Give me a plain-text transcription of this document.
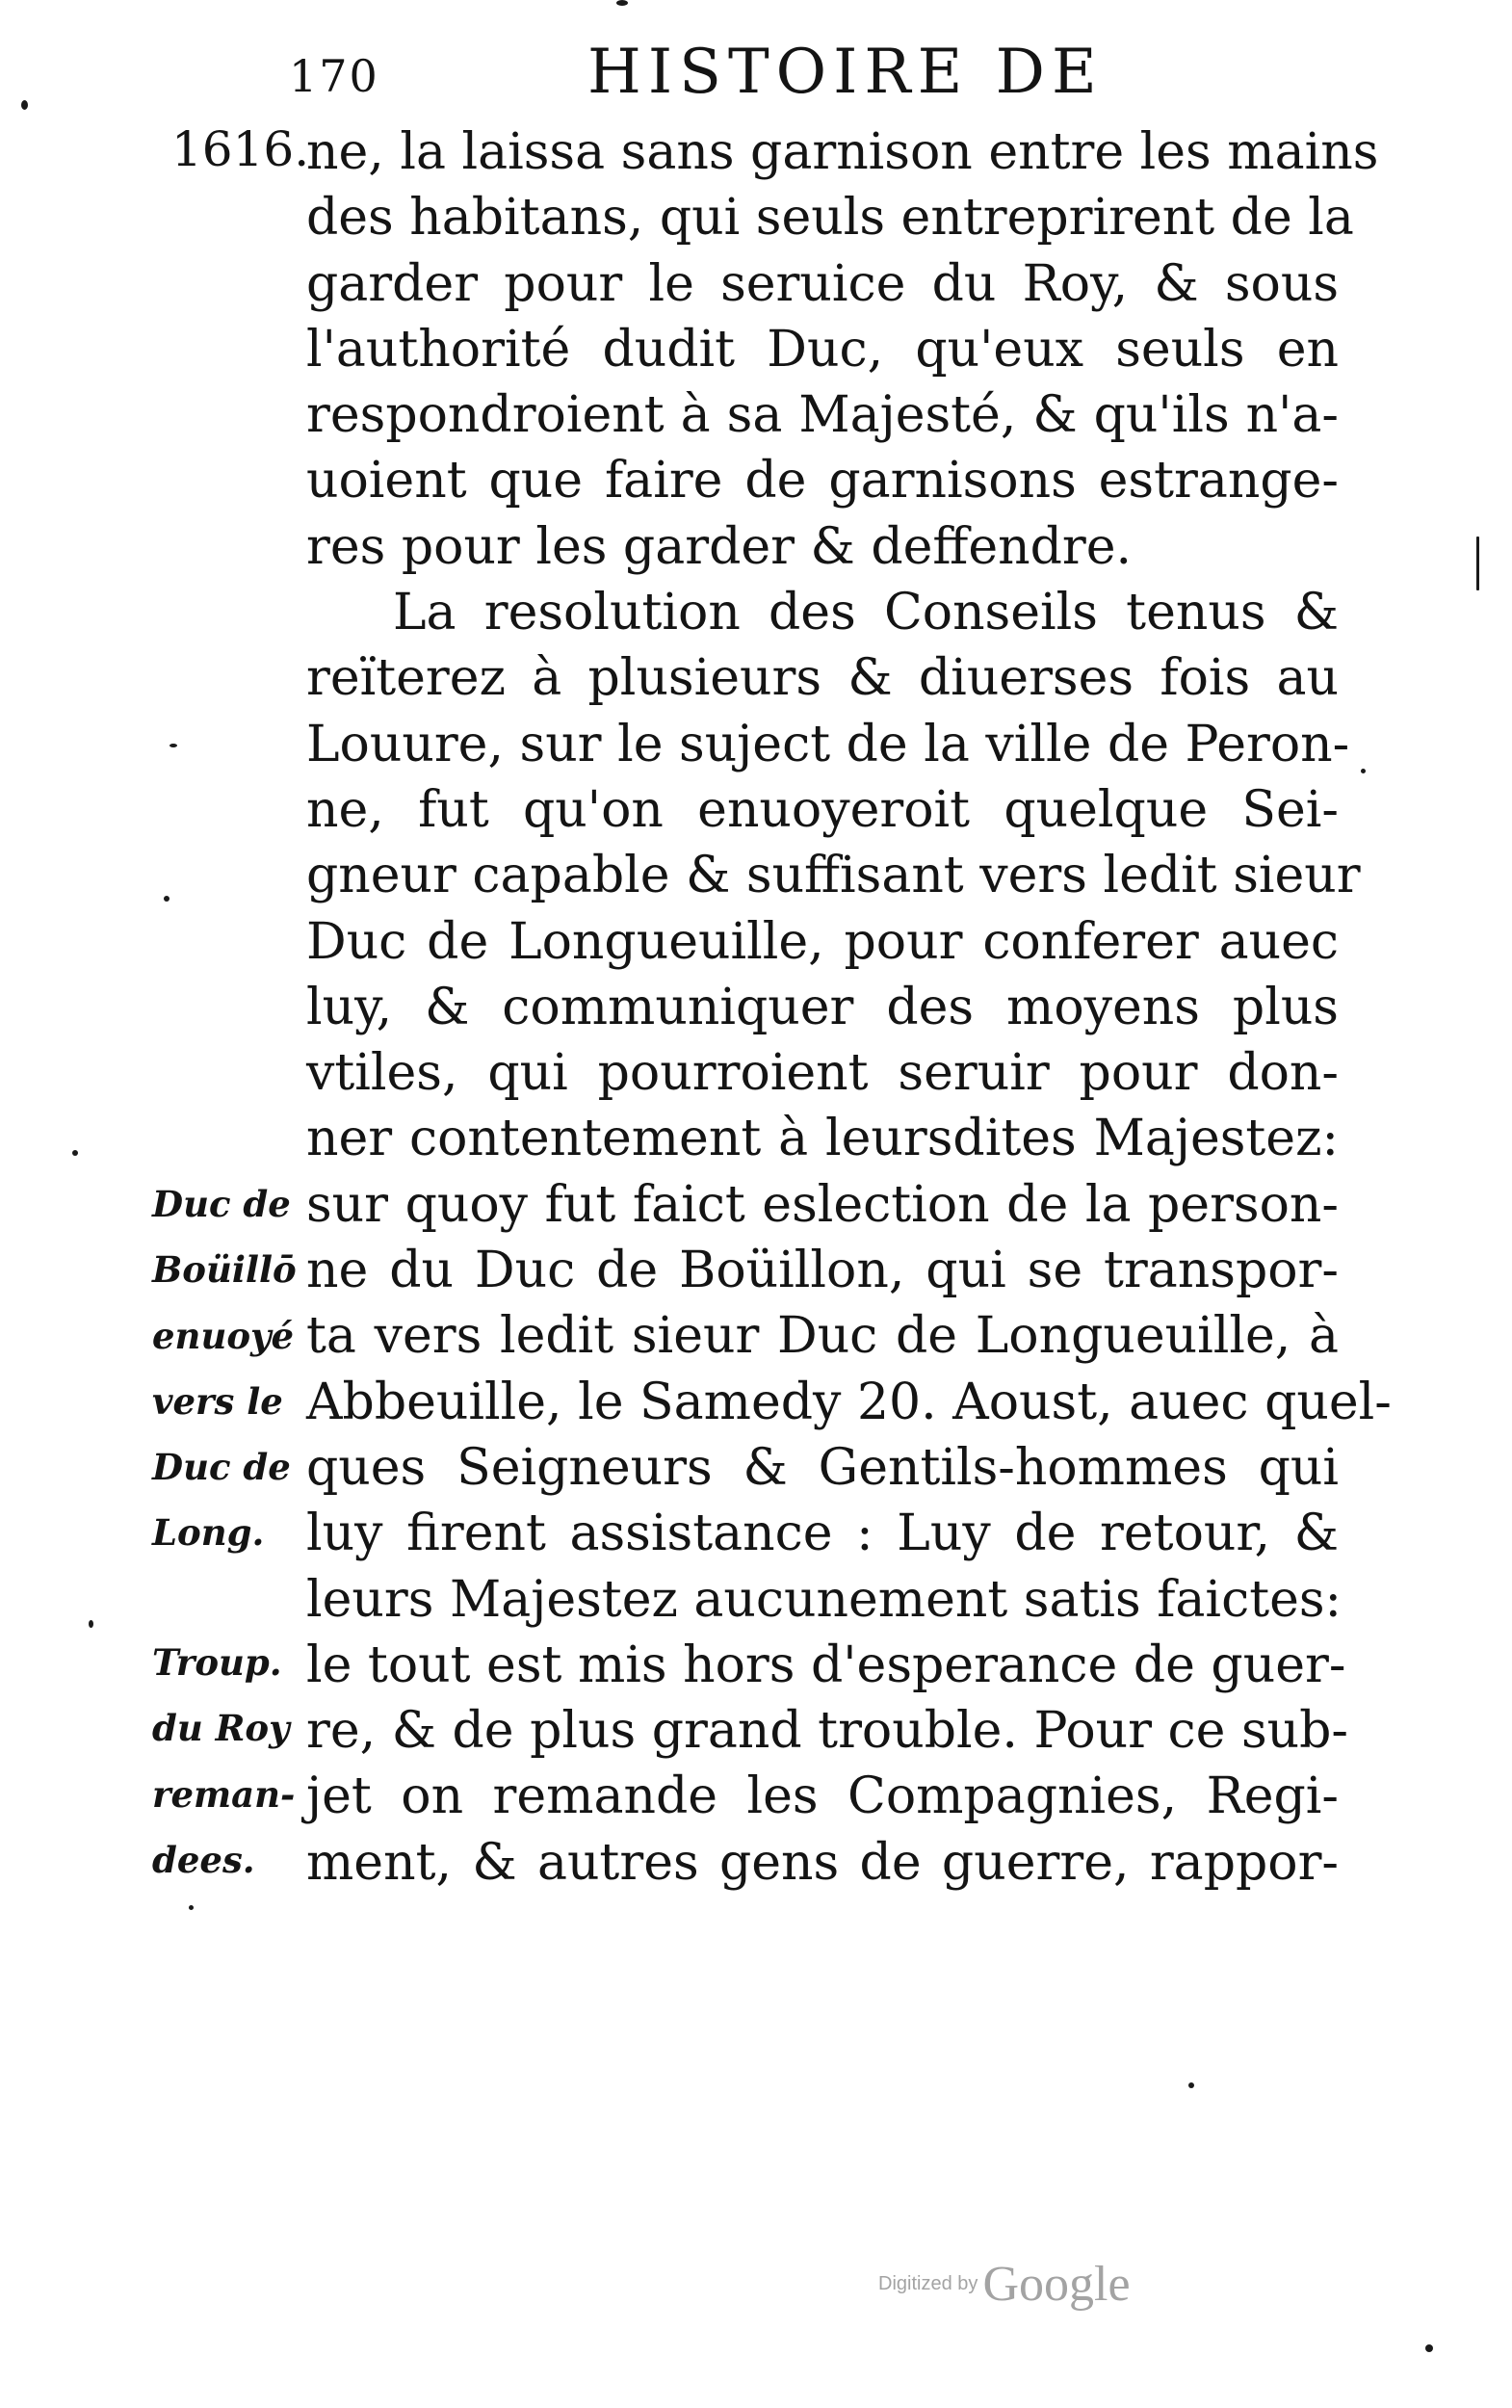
170	HISTOIRE DE
1616.
ne, la laissa sans garnison entre les mains
des habitans, qui seuls entreprirent de la
garder pour le seruice du Roy, & sous
l'authorité dudit Duc, qu'eux seuls en
respondroient à sa Majesté, & qu'ils n'a-
uoient que faire de garnisons estrange-
res pour les garder & deffendre.
La resolution des Conseils tenus &
reïterez à plusieurs & diuerses fois au
Louure, sur le suject de la ville de Peron-
ne, fut qu'on enuoyeroit quelque Sei-
gneur capable & suffisant vers ledit sieur
Duc de Longueuille, pour conferer auec
luy, & communiquer des moyens plus
vtiles, qui pourroient seruir pour don-
ner contentement à leursdites Majestez:
sur quoy fut faict eslection de la person-
ne du Duc de Boüillon, qui se transpor-
ta vers ledit sieur Duc de Longueuille, à
Abbeuille, le Samedy 20. Aoust, auec quel-
ques Seigneurs & Gentils-hommes qui
luy firent assistance : Luy de retour, &
leurs Majestez aucunement satis faictes:
le tout est mis hors d'esperance de guer-
re, & de plus grand trouble. Pour ce sub-
jet on remande les Compagnies, Regi-
ment, & autres gens de guerre, rappor-
Duc de
Boüillō
enuoyé
vers le
Duc de
Long.
Troup.
du Roy
reman-
dees.
Digitized by Google
